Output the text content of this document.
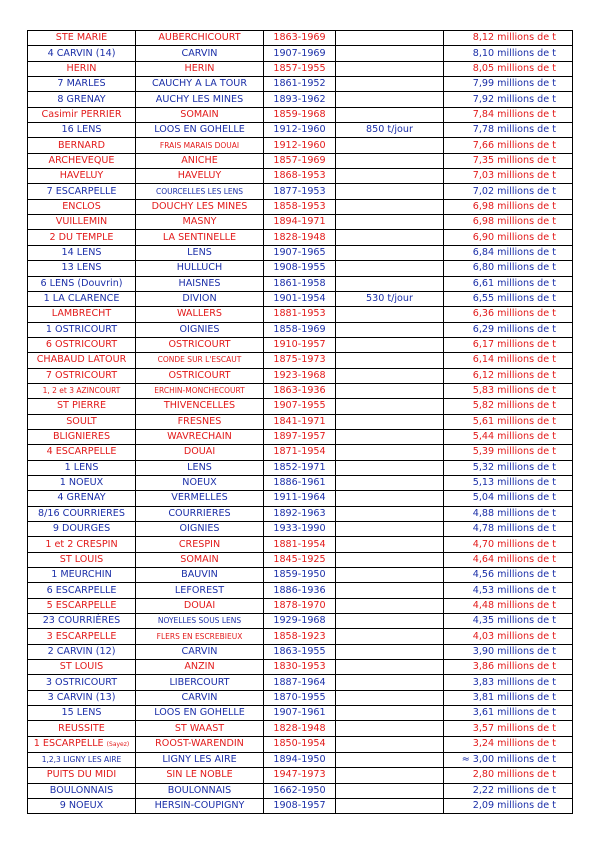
STE MARIE	AUBERCHICOURT	1863-1969		8,12 millions de t
4 CARVIN (14)	CARVIN	1907-1969		8,10 millions de t
HERIN	HERIN	1857-1955		8,05 millions de t
7 MARLES	CAUCHY A LA TOUR	1861-1952		7,99 millions de t
8 GRENAY	AUCHY LES MINES	1893-1962		7,92 millions de t
Casimir PERRIER	SOMAIN	1859-1968		7,84 millions de t
16 LENS	LOOS EN GOHELLE	1912-1960	850 t/jour	7,78 millions de t
BERNARD	FRAIS MARAIS DOUAI	1912-1960		7,66 millions de t
ARCHEVEQUE	ANICHE	1857-1969		7,35 millions de t
HAVELUY	HAVELUY	1868-1953		7,03 millions de t
7 ESCARPELLE	COURCELLES LES LENS	1877-1953		7,02 millions de t
ENCLOS	DOUCHY LES MINES	1858-1953		6,98 millions de t
VUILLEMIN	MASNY	1894-1971		6,98 millions de t
2 DU TEMPLE	LA SENTINELLE	1828-1948		6,90 millions de t
14 LENS	LENS	1907-1965		6,84 millions de t
13 LENS	HULLUCH	1908-1955		6,80 millions de t
6 LENS (Douvrin)	HAISNES	1861-1958		6,61 millions de t
1 LA CLARENCE	DIVION	1901-1954	530 t/jour	6,55 millions de t
LAMBRECHT	WALLERS	1881-1953		6,36 millions de t
1 OSTRICOURT	OIGNIES	1858-1969		6,29 millions de t
6 OSTRICOURT	OSTRICOURT	1910-1957		6,17 millions de t
CHABAUD LATOUR	CONDE SUR L'ESCAUT	1875-1973		6,14 millions de t
7 OSTRICOURT	OSTRICOURT	1923-1968		6,12 millions de t
1, 2 et 3 AZINCOURT	ERCHIN-MONCHECOURT	1863-1936		5,83 millions de t
ST PIERRE	THIVENCELLES	1907-1955		5,82 millions de t
SOULT	FRESNES	1841-1971		5,61 millions de t
BLIGNIERES	WAVRECHAIN	1897-1957		5,44 millions de t
4 ESCARPELLE	DOUAI	1871-1954		5,39 millions de t
1 LENS	LENS	1852-1971		5,32 millions de t
1 NOEUX	NOEUX	1886-1961		5,13 millions de t
4 GRENAY	VERMELLES	1911-1964		5,04 millions de t
8/16 COURRIERES	COURRIERES	1892-1963		4,88 millions de t
9 DOURGES	OIGNIES	1933-1990		4,78 millions de t
1 et 2 CRESPIN	CRESPIN	1881-1954		4,70 millions de t
ST LOUIS	SOMAIN	1845-1925		4,64 millions de t
1 MEURCHIN	BAUVIN	1859-1950		4,56 millions de t
6 ESCARPELLE	LEFOREST	1886-1936		4,53 millions de t
5 ESCARPELLE	DOUAI	1878-1970		4,48 millions de t
23 COURRIÈRES	NOYELLES SOUS LENS	1929-1968		4,35 millions de t
3 ESCARPELLE	FLERS EN ESCREBIEUX	1858-1923		4,03 millions de t
2 CARVIN (12)	CARVIN	1863-1955		3,90 millions de t
ST LOUIS	ANZIN	1830-1953		3,86 millions de t
3 OSTRICOURT	LIBERCOURT	1887-1964		3,83 millions de t
3 CARVIN (13)	CARVIN	1870-1955		3,81 millions de t
15 LENS	LOOS EN GOHELLE	1907-1961		3,61 millions de t
REUSSITE	ST WAAST	1828-1948		3,57 millions de t
1 ESCARPELLE (Sayez)	ROOST-WARENDIN	1850-1954		3,24 millions de t
1,2,3 LIGNY LES AIRE	LIGNY LES AIRE	1894-1950		≈ 3,00 millions de t
PUITS DU MIDI	SIN LE NOBLE	1947-1973		2,80 millions de t
BOULONNAIS	BOULONNAIS	1662-1950		2,22 millions de t
9 NOEUX	HERSIN-COUPIGNY	1908-1957		2,09 millions de t
